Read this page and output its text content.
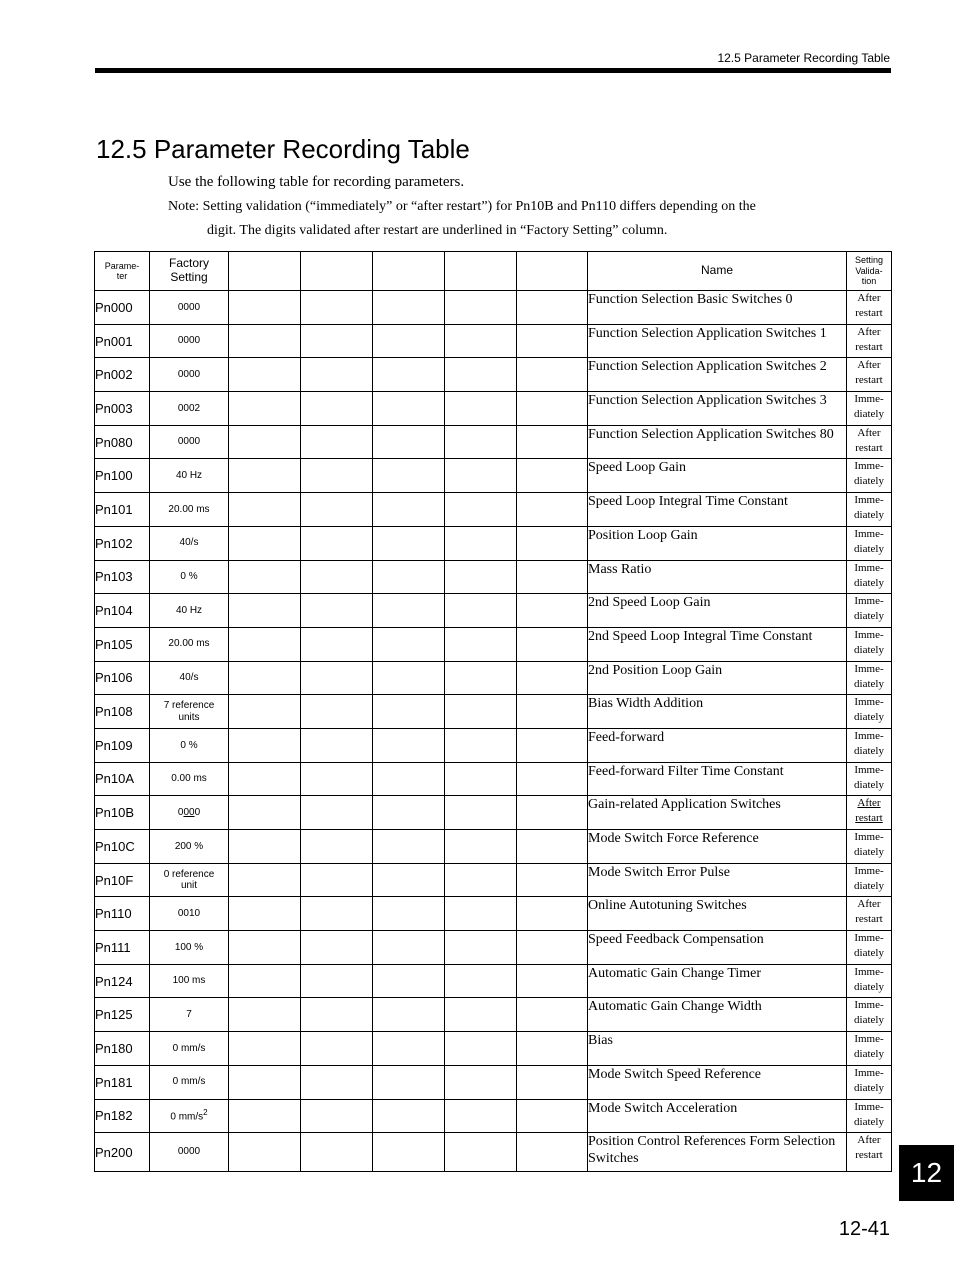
12.5 Parameter Recording Table
12.5 Parameter Recording Table
Use the following table for recording parameters.
Note: Setting validation (“immediately” or “after restart”) for Pn10B and Pn110 differs depending on the
digit. The digits validated after restart are underlined in “Factory Setting” column.
Parame-
ter	Factory
Setting						Name	Setting
Valida-
tion
Pn000	0000						Function Selection Basic Switches 0	After
restart
Pn001	0000						Function Selection Application Switches 1	After
restart
Pn002	0000						Function Selection Application Switches 2	After
restart
Pn003	0002						Function Selection Application Switches 3	Imme-
diately
Pn080	0000						Function Selection Application Switches 80	After
restart
Pn100	40 Hz						Speed Loop Gain	Imme-
diately
Pn101	20.00 ms						Speed Loop Integral Time Constant	Imme-
diately
Pn102	40/s						Position Loop Gain	Imme-
diately
Pn103	0 %						Mass Ratio	Imme-
diately
Pn104	40 Hz						2nd Speed Loop Gain	Imme-
diately
Pn105	20.00 ms						2nd Speed Loop Integral Time Constant	Imme-
diately
Pn106	40/s						2nd Position Loop Gain	Imme-
diately
Pn108	7 reference
units						Bias Width Addition	Imme-
diately
Pn109	0 %						Feed-forward	Imme-
diately
Pn10A	0.00 ms						Feed-forward Filter Time Constant	Imme-
diately
Pn10B	0000						Gain-related Application Switches	After
restart
Pn10C	200 %						Mode Switch Force Reference	Imme-
diately
Pn10F	0 reference
unit						Mode Switch Error Pulse	Imme-
diately
Pn110	0010						Online Autotuning Switches	After
restart
Pn111	100 %						Speed Feedback Compensation	Imme-
diately
Pn124	100 ms						Automatic Gain Change Timer	Imme-
diately
Pn125	7						Automatic Gain Change Width	Imme-
diately
Pn180	0 mm/s						Bias	Imme-
diately
Pn181	0 mm/s						Mode Switch Speed Reference	Imme-
diately
Pn182	0 $mm/s^2$						Mode Switch Acceleration	Imme-
diately
Pn200	0000						Position Control References Form Selection Switches	After
restart
12
12-41
